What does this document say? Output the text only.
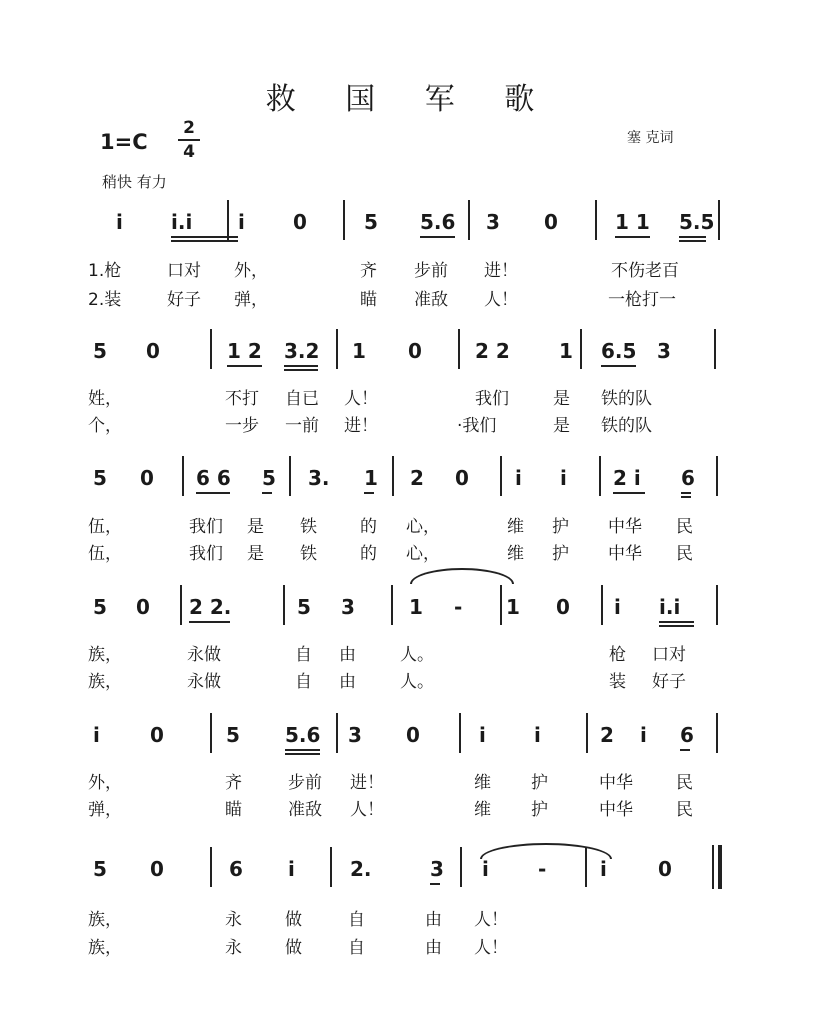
救 国 军 歌
1=C
2
4
塞 克词
稍快 有力
i i.i i 0	5 5.6 3 0	1 1 5.5
1.枪	口对 外，	齐 步前 进！	不伤老百
2.装	好子 弹，	瞄 准敌 人！	一枪打一
5 0	1 2 3.2 1 0	2 2 1 6.5 3
姓，	不打 自已 人！	我们	是 铁的队
个，	一步 一前 进！	·我们	是 铁的队
5 0 6 6 5 3. 1 2 0 i i 2 i 6
伍，	我们 是 铁	的 心，	维 护 中华 民
伍，	我们 是 铁	的 心，	维 护 中华 民
5 0 2 2.	5 3	1 - 1 0 i i.i
族，	永做	自 由	人。	枪 口对
族，	永做	自 由	人。	装 好子
i	0	5 5.6 3 0	i i	2 i 6
外，	齐	步前 进！	维 护	中华	民
弹，	瞄	准敌 人！	维 护	中华	民
5 0	6 i	2.	3 i -	i	0
族，	永	做	自	由 人！
族，	永	做	自	由 人！
